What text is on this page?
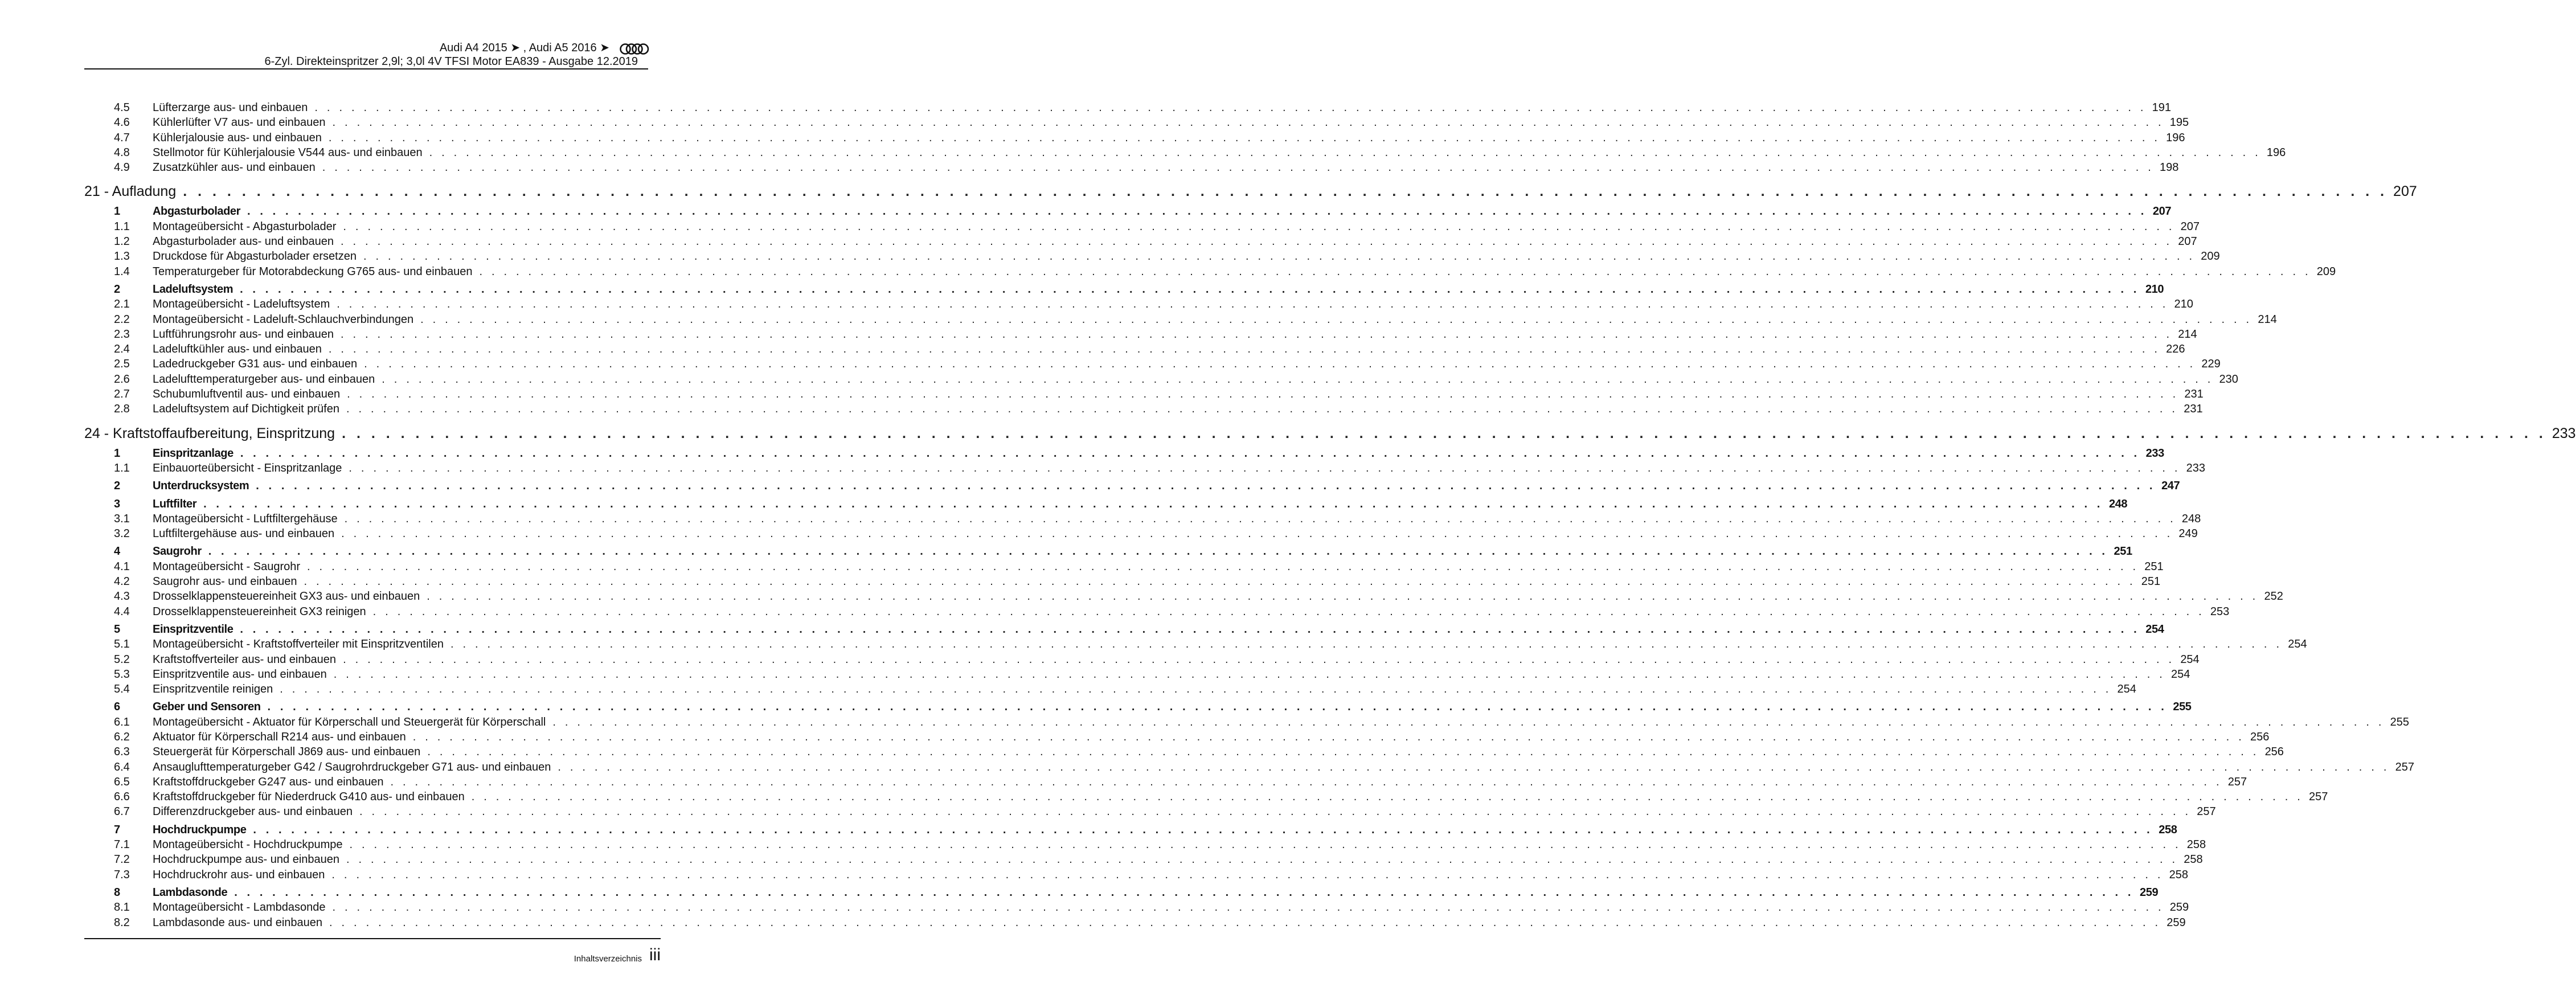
Audi A4 2015 ➤ , Audi A5 2016 ➤
6-Zyl. Direkteinspritzer 2,9l; 3,0l 4V TFSI Motor EA839 - Ausgabe 12.2019
4.5	Lüfterzarge aus- und einbauen . . . . . . . . . . . . . . . . . . . . . . . . . . . . . . . . . . . . . . . . . . . . . . . . . . . . . . . . . . . . . . . . . . . . . . . . . . . . . . . . . . . . . . . . . . . . . . . . . . . . . . . . . . . . . . . . . . . . . . . . . . . . . . . . . . . . . . . . . . . . . . . . . . . . . . 191
4.6	Kühlerlüfter V7 aus- und einbauen . . . . . . . . . . . . . . . . . . . . . . . . . . . . . . . . . . . . . . . . . . . . . . . . . . . . . . . . . . . . . . . . . . . . . . . . . . . . . . . . . . . . . . . . . . . . . . . . . . . . . . . . . . . . . . . . . . . . . . . . . . . . . . . . . . . . . . . . . . . . . . . . . . . . . . 195
4.7	Kühlerjalousie aus- und einbauen . . . . . . . . . . . . . . . . . . . . . . . . . . . . . . . . . . . . . . . . . . . . . . . . . . . . . . . . . . . . . . . . . . . . . . . . . . . . . . . . . . . . . . . . . . . . . . . . . . . . . . . . . . . . . . . . . . . . . . . . . . . . . . . . . . . . . . . . . . . . . . . . . . . . . . 196
4.8	Stellmotor für Kühlerjalousie V544 aus- und einbauen . . . . . . . . . . . . . . . . . . . . . . . . . . . . . . . . . . . . . . . . . . . . . . . . . . . . . . . . . . . . . . . . . . . . . . . . . . . . . . . . . . . . . . . . . . . . . . . . . . . . . . . . . . . . . . . . . . . . . . . . . . . . . . . . . . . . . . . . . . . . . . . . . . . . . . 196
4.9	Zusatzkühler aus- und einbauen . . . . . . . . . . . . . . . . . . . . . . . . . . . . . . . . . . . . . . . . . . . . . . . . . . . . . . . . . . . . . . . . . . . . . . . . . . . . . . . . . . . . . . . . . . . . . . . . . . . . . . . . . . . . . . . . . . . . . . . . . . . . . . . . . . . . . . . . . . . . . . . . . . . . . . 198
21 - Aufladung . . . . . . . . . . . . . . . . . . . . . . . . . . . . . . . . . . . . . . . . . . . . . . . . . . . . . . . . . . . . . . . . . . . . . . . . . . . . . . . . . . . . . . . . . . . . . . . . . . . . . . . . . . . . . . . . . . . . . . . . . . . . . . . . . . . . . . . . . . . . . . . . . . . . . . 207
1	Abgasturbolader . . . . . . . . . . . . . . . . . . . . . . . . . . . . . . . . . . . . . . . . . . . . . . . . . . . . . . . . . . . . . . . . . . . . . . . . . . . . . . . . . . . . . . . . . . . . . . . . . . . . . . . . . . . . . . . . . . . . . . . . . . . . . . . . . . . . . . . . . . . . . . . . . . . . . . 207
1.1	Montageübersicht - Abgasturbolader . . . . . . . . . . . . . . . . . . . . . . . . . . . . . . . . . . . . . . . . . . . . . . . . . . . . . . . . . . . . . . . . . . . . . . . . . . . . . . . . . . . . . . . . . . . . . . . . . . . . . . . . . . . . . . . . . . . . . . . . . . . . . . . . . . . . . . . . . . . . . . . . . . . . . . 207
1.2	Abgasturbolader aus- und einbauen . . . . . . . . . . . . . . . . . . . . . . . . . . . . . . . . . . . . . . . . . . . . . . . . . . . . . . . . . . . . . . . . . . . . . . . . . . . . . . . . . . . . . . . . . . . . . . . . . . . . . . . . . . . . . . . . . . . . . . . . . . . . . . . . . . . . . . . . . . . . . . . . . . . . . . 207
1.3	Druckdose für Abgasturbolader ersetzen . . . . . . . . . . . . . . . . . . . . . . . . . . . . . . . . . . . . . . . . . . . . . . . . . . . . . . . . . . . . . . . . . . . . . . . . . . . . . . . . . . . . . . . . . . . . . . . . . . . . . . . . . . . . . . . . . . . . . . . . . . . . . . . . . . . . . . . . . . . . . . . . . . . . . . 209
1.4	Temperaturgeber für Motorabdeckung G765 aus- und einbauen . . . . . . . . . . . . . . . . . . . . . . . . . . . . . . . . . . . . . . . . . . . . . . . . . . . . . . . . . . . . . . . . . . . . . . . . . . . . . . . . . . . . . . . . . . . . . . . . . . . . . . . . . . . . . . . . . . . . . . . . . . . . . . . . . . . . . . . . . . . . . . . . . . . . . . 209
2	Ladeluftsystem . . . . . . . . . . . . . . . . . . . . . . . . . . . . . . . . . . . . . . . . . . . . . . . . . . . . . . . . . . . . . . . . . . . . . . . . . . . . . . . . . . . . . . . . . . . . . . . . . . . . . . . . . . . . . . . . . . . . . . . . . . . . . . . . . . . . . . . . . . . . . . . . . . . . . . 210
2.1	Montageübersicht - Ladeluftsystem . . . . . . . . . . . . . . . . . . . . . . . . . . . . . . . . . . . . . . . . . . . . . . . . . . . . . . . . . . . . . . . . . . . . . . . . . . . . . . . . . . . . . . . . . . . . . . . . . . . . . . . . . . . . . . . . . . . . . . . . . . . . . . . . . . . . . . . . . . . . . . . . . . . . . . 210
2.2	Montageübersicht - Ladeluft-Schlauchverbindungen . . . . . . . . . . . . . . . . . . . . . . . . . . . . . . . . . . . . . . . . . . . . . . . . . . . . . . . . . . . . . . . . . . . . . . . . . . . . . . . . . . . . . . . . . . . . . . . . . . . . . . . . . . . . . . . . . . . . . . . . . . . . . . . . . . . . . . . . . . . . . . . . . . . . . . 214
2.3	Luftführungsrohr aus- und einbauen . . . . . . . . . . . . . . . . . . . . . . . . . . . . . . . . . . . . . . . . . . . . . . . . . . . . . . . . . . . . . . . . . . . . . . . . . . . . . . . . . . . . . . . . . . . . . . . . . . . . . . . . . . . . . . . . . . . . . . . . . . . . . . . . . . . . . . . . . . . . . . . . . . . . . . 214
2.4	Ladeluftkühler aus- und einbauen . . . . . . . . . . . . . . . . . . . . . . . . . . . . . . . . . . . . . . . . . . . . . . . . . . . . . . . . . . . . . . . . . . . . . . . . . . . . . . . . . . . . . . . . . . . . . . . . . . . . . . . . . . . . . . . . . . . . . . . . . . . . . . . . . . . . . . . . . . . . . . . . . . . . . . 226
2.5	Ladedruckgeber G31 aus- und einbauen . . . . . . . . . . . . . . . . . . . . . . . . . . . . . . . . . . . . . . . . . . . . . . . . . . . . . . . . . . . . . . . . . . . . . . . . . . . . . . . . . . . . . . . . . . . . . . . . . . . . . . . . . . . . . . . . . . . . . . . . . . . . . . . . . . . . . . . . . . . . . . . . . . . . . . 229
2.6	Ladelufttemperaturgeber aus- und einbauen . . . . . . . . . . . . . . . . . . . . . . . . . . . . . . . . . . . . . . . . . . . . . . . . . . . . . . . . . . . . . . . . . . . . . . . . . . . . . . . . . . . . . . . . . . . . . . . . . . . . . . . . . . . . . . . . . . . . . . . . . . . . . . . . . . . . . . . . . . . . . . . . . . . . . . 230
2.7	Schubumluftventil aus- und einbauen . . . . . . . . . . . . . . . . . . . . . . . . . . . . . . . . . . . . . . . . . . . . . . . . . . . . . . . . . . . . . . . . . . . . . . . . . . . . . . . . . . . . . . . . . . . . . . . . . . . . . . . . . . . . . . . . . . . . . . . . . . . . . . . . . . . . . . . . . . . . . . . . . . . . . . 231
2.8	Ladeluftsystem auf Dichtigkeit prüfen . . . . . . . . . . . . . . . . . . . . . . . . . . . . . . . . . . . . . . . . . . . . . . . . . . . . . . . . . . . . . . . . . . . . . . . . . . . . . . . . . . . . . . . . . . . . . . . . . . . . . . . . . . . . . . . . . . . . . . . . . . . . . . . . . . . . . . . . . . . . . . . . . . . . . . 231
24 - Kraftstoffaufbereitung, Einspritzung . . . . . . . . . . . . . . . . . . . . . . . . . . . . . . . . . . . . . . . . . . . . . . . . . . . . . . . . . . . . . . . . . . . . . . . . . . . . . . . . . . . . . . . . . . . . . . . . . . . . . . . . . . . . . . . . . . . . . . . . . . . . . . . . . . . . . . . . . . . . . . . . . . . . . . 233
1	Einspritzanlage . . . . . . . . . . . . . . . . . . . . . . . . . . . . . . . . . . . . . . . . . . . . . . . . . . . . . . . . . . . . . . . . . . . . . . . . . . . . . . . . . . . . . . . . . . . . . . . . . . . . . . . . . . . . . . . . . . . . . . . . . . . . . . . . . . . . . . . . . . . . . . . . . . . . . . 233
1.1	Einbauorteübersicht - Einspritzanlage . . . . . . . . . . . . . . . . . . . . . . . . . . . . . . . . . . . . . . . . . . . . . . . . . . . . . . . . . . . . . . . . . . . . . . . . . . . . . . . . . . . . . . . . . . . . . . . . . . . . . . . . . . . . . . . . . . . . . . . . . . . . . . . . . . . . . . . . . . . . . . . . . . . . . . 233
2	Unterdrucksystem . . . . . . . . . . . . . . . . . . . . . . . . . . . . . . . . . . . . . . . . . . . . . . . . . . . . . . . . . . . . . . . . . . . . . . . . . . . . . . . . . . . . . . . . . . . . . . . . . . . . . . . . . . . . . . . . . . . . . . . . . . . . . . . . . . . . . . . . . . . . . . . . . . . . . . 247
3	Luftfilter . . . . . . . . . . . . . . . . . . . . . . . . . . . . . . . . . . . . . . . . . . . . . . . . . . . . . . . . . . . . . . . . . . . . . . . . . . . . . . . . . . . . . . . . . . . . . . . . . . . . . . . . . . . . . . . . . . . . . . . . . . . . . . . . . . . . . . . . . . . . . . . . . . . . . . 248
3.1	Montageübersicht - Luftfiltergehäuse . . . . . . . . . . . . . . . . . . . . . . . . . . . . . . . . . . . . . . . . . . . . . . . . . . . . . . . . . . . . . . . . . . . . . . . . . . . . . . . . . . . . . . . . . . . . . . . . . . . . . . . . . . . . . . . . . . . . . . . . . . . . . . . . . . . . . . . . . . . . . . . . . . . . . . 248
3.2	Luftfiltergehäuse aus- und einbauen . . . . . . . . . . . . . . . . . . . . . . . . . . . . . . . . . . . . . . . . . . . . . . . . . . . . . . . . . . . . . . . . . . . . . . . . . . . . . . . . . . . . . . . . . . . . . . . . . . . . . . . . . . . . . . . . . . . . . . . . . . . . . . . . . . . . . . . . . . . . . . . . . . . . . . 249
4	Saugrohr . . . . . . . . . . . . . . . . . . . . . . . . . . . . . . . . . . . . . . . . . . . . . . . . . . . . . . . . . . . . . . . . . . . . . . . . . . . . . . . . . . . . . . . . . . . . . . . . . . . . . . . . . . . . . . . . . . . . . . . . . . . . . . . . . . . . . . . . . . . . . . . . . . . . . . 251
4.1	Montageübersicht - Saugrohr . . . . . . . . . . . . . . . . . . . . . . . . . . . . . . . . . . . . . . . . . . . . . . . . . . . . . . . . . . . . . . . . . . . . . . . . . . . . . . . . . . . . . . . . . . . . . . . . . . . . . . . . . . . . . . . . . . . . . . . . . . . . . . . . . . . . . . . . . . . . . . . . . . . . . . 251
4.2	Saugrohr aus- und einbauen . . . . . . . . . . . . . . . . . . . . . . . . . . . . . . . . . . . . . . . . . . . . . . . . . . . . . . . . . . . . . . . . . . . . . . . . . . . . . . . . . . . . . . . . . . . . . . . . . . . . . . . . . . . . . . . . . . . . . . . . . . . . . . . . . . . . . . . . . . . . . . . . . . . . . . 251
4.3	Drosselklappensteuereinheit GX3 aus- und einbauen . . . . . . . . . . . . . . . . . . . . . . . . . . . . . . . . . . . . . . . . . . . . . . . . . . . . . . . . . . . . . . . . . . . . . . . . . . . . . . . . . . . . . . . . . . . . . . . . . . . . . . . . . . . . . . . . . . . . . . . . . . . . . . . . . . . . . . . . . . . . . . . . . . . . . . 252
4.4	Drosselklappensteuereinheit GX3 reinigen . . . . . . . . . . . . . . . . . . . . . . . . . . . . . . . . . . . . . . . . . . . . . . . . . . . . . . . . . . . . . . . . . . . . . . . . . . . . . . . . . . . . . . . . . . . . . . . . . . . . . . . . . . . . . . . . . . . . . . . . . . . . . . . . . . . . . . . . . . . . . . . . . . . . . . 253
5	Einspritzventile . . . . . . . . . . . . . . . . . . . . . . . . . . . . . . . . . . . . . . . . . . . . . . . . . . . . . . . . . . . . . . . . . . . . . . . . . . . . . . . . . . . . . . . . . . . . . . . . . . . . . . . . . . . . . . . . . . . . . . . . . . . . . . . . . . . . . . . . . . . . . . . . . . . . . . 254
5.1	Montageübersicht - Kraftstoffverteiler mit Einspritzventilen . . . . . . . . . . . . . . . . . . . . . . . . . . . . . . . . . . . . . . . . . . . . . . . . . . . . . . . . . . . . . . . . . . . . . . . . . . . . . . . . . . . . . . . . . . . . . . . . . . . . . . . . . . . . . . . . . . . . . . . . . . . . . . . . . . . . . . . . . . . . . . . . . . . . . . 254
5.2	Kraftstoffverteiler aus- und einbauen . . . . . . . . . . . . . . . . . . . . . . . . . . . . . . . . . . . . . . . . . . . . . . . . . . . . . . . . . . . . . . . . . . . . . . . . . . . . . . . . . . . . . . . . . . . . . . . . . . . . . . . . . . . . . . . . . . . . . . . . . . . . . . . . . . . . . . . . . . . . . . . . . . . . . . 254
5.3	Einspritzventile aus- und einbauen . . . . . . . . . . . . . . . . . . . . . . . . . . . . . . . . . . . . . . . . . . . . . . . . . . . . . . . . . . . . . . . . . . . . . . . . . . . . . . . . . . . . . . . . . . . . . . . . . . . . . . . . . . . . . . . . . . . . . . . . . . . . . . . . . . . . . . . . . . . . . . . . . . . . . . 254
5.4	Einspritzventile reinigen . . . . . . . . . . . . . . . . . . . . . . . . . . . . . . . . . . . . . . . . . . . . . . . . . . . . . . . . . . . . . . . . . . . . . . . . . . . . . . . . . . . . . . . . . . . . . . . . . . . . . . . . . . . . . . . . . . . . . . . . . . . . . . . . . . . . . . . . . . . . . . . . . . . . . . 254
6	Geber und Sensoren . . . . . . . . . . . . . . . . . . . . . . . . . . . . . . . . . . . . . . . . . . . . . . . . . . . . . . . . . . . . . . . . . . . . . . . . . . . . . . . . . . . . . . . . . . . . . . . . . . . . . . . . . . . . . . . . . . . . . . . . . . . . . . . . . . . . . . . . . . . . . . . . . . . . . . 255
6.1	Montageübersicht - Aktuator für Körperschall und Steuergerät für Körperschall . . . . . . . . . . . . . . . . . . . . . . . . . . . . . . . . . . . . . . . . . . . . . . . . . . . . . . . . . . . . . . . . . . . . . . . . . . . . . . . . . . . . . . . . . . . . . . . . . . . . . . . . . . . . . . . . . . . . . . . . . . . . . . . . . . . . . . . . . . . . . . . . . . . . . . 255
6.2	Aktuator für Körperschall R214 aus- und einbauen . . . . . . . . . . . . . . . . . . . . . . . . . . . . . . . . . . . . . . . . . . . . . . . . . . . . . . . . . . . . . . . . . . . . . . . . . . . . . . . . . . . . . . . . . . . . . . . . . . . . . . . . . . . . . . . . . . . . . . . . . . . . . . . . . . . . . . . . . . . . . . . . . . . . . . 256
6.3	Steuergerät für Körperschall J869 aus- und einbauen . . . . . . . . . . . . . . . . . . . . . . . . . . . . . . . . . . . . . . . . . . . . . . . . . . . . . . . . . . . . . . . . . . . . . . . . . . . . . . . . . . . . . . . . . . . . . . . . . . . . . . . . . . . . . . . . . . . . . . . . . . . . . . . . . . . . . . . . . . . . . . . . . . . . . . 256
6.4	Ansauglufttemperaturgeber G42 / Saugrohrdruckgeber G71 aus- und einbauen . . . . . . . . . . . . . . . . . . . . . . . . . . . . . . . . . . . . . . . . . . . . . . . . . . . . . . . . . . . . . . . . . . . . . . . . . . . . . . . . . . . . . . . . . . . . . . . . . . . . . . . . . . . . . . . . . . . . . . . . . . . . . . . . . . . . . . . . . . . . . . . . . . . . . . 257
6.5	Kraftstoffdruckgeber G247 aus- und einbauen . . . . . . . . . . . . . . . . . . . . . . . . . . . . . . . . . . . . . . . . . . . . . . . . . . . . . . . . . . . . . . . . . . . . . . . . . . . . . . . . . . . . . . . . . . . . . . . . . . . . . . . . . . . . . . . . . . . . . . . . . . . . . . . . . . . . . . . . . . . . . . . . . . . . . . 257
6.6	Kraftstoffdruckgeber für Niederdruck G410 aus- und einbauen . . . . . . . . . . . . . . . . . . . . . . . . . . . . . . . . . . . . . . . . . . . . . . . . . . . . . . . . . . . . . . . . . . . . . . . . . . . . . . . . . . . . . . . . . . . . . . . . . . . . . . . . . . . . . . . . . . . . . . . . . . . . . . . . . . . . . . . . . . . . . . . . . . . . . . 257
6.7	Differenzdruckgeber aus- und einbauen . . . . . . . . . . . . . . . . . . . . . . . . . . . . . . . . . . . . . . . . . . . . . . . . . . . . . . . . . . . . . . . . . . . . . . . . . . . . . . . . . . . . . . . . . . . . . . . . . . . . . . . . . . . . . . . . . . . . . . . . . . . . . . . . . . . . . . . . . . . . . . . . . . . . . . 257
7	Hochdruckpumpe . . . . . . . . . . . . . . . . . . . . . . . . . . . . . . . . . . . . . . . . . . . . . . . . . . . . . . . . . . . . . . . . . . . . . . . . . . . . . . . . . . . . . . . . . . . . . . . . . . . . . . . . . . . . . . . . . . . . . . . . . . . . . . . . . . . . . . . . . . . . . . . . . . . . . . 258
7.1	Montageübersicht - Hochdruckpumpe . . . . . . . . . . . . . . . . . . . . . . . . . . . . . . . . . . . . . . . . . . . . . . . . . . . . . . . . . . . . . . . . . . . . . . . . . . . . . . . . . . . . . . . . . . . . . . . . . . . . . . . . . . . . . . . . . . . . . . . . . . . . . . . . . . . . . . . . . . . . . . . . . . . . . . 258
7.2	Hochdruckpumpe aus- und einbauen . . . . . . . . . . . . . . . . . . . . . . . . . . . . . . . . . . . . . . . . . . . . . . . . . . . . . . . . . . . . . . . . . . . . . . . . . . . . . . . . . . . . . . . . . . . . . . . . . . . . . . . . . . . . . . . . . . . . . . . . . . . . . . . . . . . . . . . . . . . . . . . . . . . . . . 258
7.3	Hochdruckrohr aus- und einbauen . . . . . . . . . . . . . . . . . . . . . . . . . . . . . . . . . . . . . . . . . . . . . . . . . . . . . . . . . . . . . . . . . . . . . . . . . . . . . . . . . . . . . . . . . . . . . . . . . . . . . . . . . . . . . . . . . . . . . . . . . . . . . . . . . . . . . . . . . . . . . . . . . . . . . . 258
8	Lambdasonde . . . . . . . . . . . . . . . . . . . . . . . . . . . . . . . . . . . . . . . . . . . . . . . . . . . . . . . . . . . . . . . . . . . . . . . . . . . . . . . . . . . . . . . . . . . . . . . . . . . . . . . . . . . . . . . . . . . . . . . . . . . . . . . . . . . . . . . . . . . . . . . . . . . . . . 259
8.1	Montageübersicht - Lambdasonde . . . . . . . . . . . . . . . . . . . . . . . . . . . . . . . . . . . . . . . . . . . . . . . . . . . . . . . . . . . . . . . . . . . . . . . . . . . . . . . . . . . . . . . . . . . . . . . . . . . . . . . . . . . . . . . . . . . . . . . . . . . . . . . . . . . . . . . . . . . . . . . . . . . . . . 259
8.2	Lambdasonde aus- und einbauen . . . . . . . . . . . . . . . . . . . . . . . . . . . . . . . . . . . . . . . . . . . . . . . . . . . . . . . . . . . . . . . . . . . . . . . . . . . . . . . . . . . . . . . . . . . . . . . . . . . . . . . . . . . . . . . . . . . . . . . . . . . . . . . . . . . . . . . . . . . . . . . . . . . . . . 259
Inhaltsverzeichnis iii
